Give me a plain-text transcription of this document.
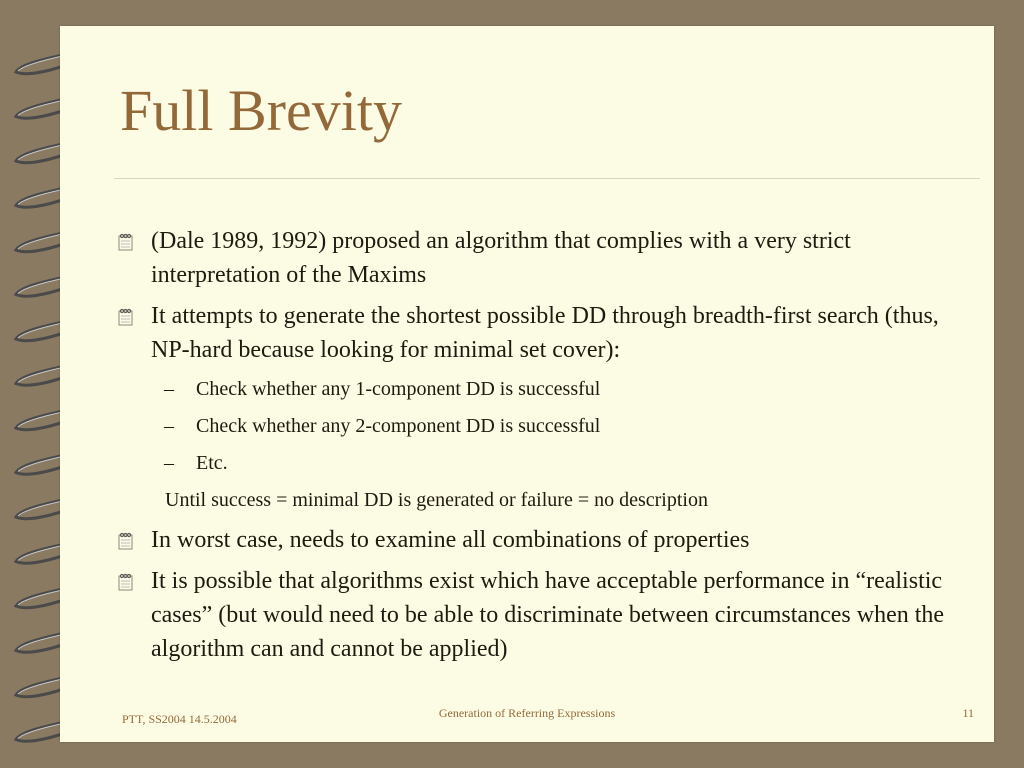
Full Brevity
(Dale 1989, 1992) proposed an algorithm that complies with a very strict interpretation of the Maxims
It attempts to generate the shortest possible DD through breadth-first search (thus, NP-hard because looking for minimal set cover):
– Check whether any 1-component DD is successful
– Check whether any 2-component DD is successful
– Etc.
Until success = minimal DD is generated or failure = no description
In worst case, needs to examine all combinations of properties
It is possible that algorithms exist which have acceptable performance in “realistic cases” (but would need to be able to discriminate between circumstances when the algorithm can and cannot be applied)
PTT, SS2004 14.5.2004	Generation of Referring Expressions	11
